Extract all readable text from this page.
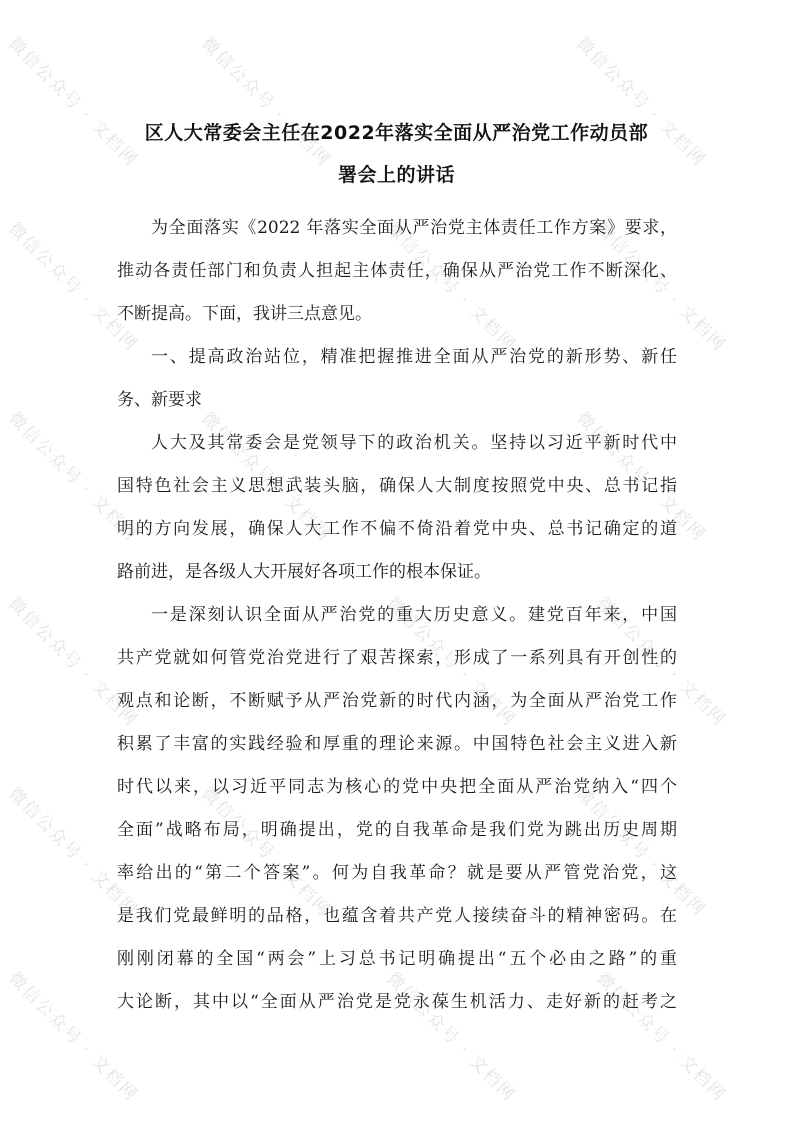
区人大常委会主任在2022年落实全面从严治党工作动员部
署会上的讲话
为全面落实《2022 年落实全面从严治党主体责任工作方案》要求，
推动各责任部门和负责人担起主体责任，确保从严治党工作不断深化、
不断提高。下面，我讲三点意见。
一、提高政治站位，精准把握推进全面从严治党的新形势、新任
务、新要求
人大及其常委会是党领导下的政治机关。坚持以习近平新时代中
国特色社会主义思想武装头脑，确保人大制度按照党中央、总书记指
明的方向发展，确保人大工作不偏不倚沿着党中央、总书记确定的道
路前进，是各级人大开展好各项工作的根本保证。
一是深刻认识全面从严治党的重大历史意义。建党百年来，中国
共产党就如何管党治党进行了艰苦探索，形成了一系列具有开创性的
观点和论断，不断赋予从严治党新的时代内涵，为全面从严治党工作
积累了丰富的实践经验和厚重的理论来源。中国特色社会主义进入新
时代以来，以习近平同志为核心的党中央把全面从严治党纳入“四个
全面”战略布局，明确提出，党的自我革命是我们党为跳出历史周期
率给出的“第二个答案”。何为自我革命？就是要从严管党治党，这
是我们党最鲜明的品格，也蕴含着共产党人接续奋斗的精神密码。在
刚刚闭幕的全国“两会”上习总书记明确提出“五个必由之路”的重
大论断，其中以“全面从严治党是党永葆生机活力、走好新的赶考之
微信公众号 · 文档网	微信公众号 · 文档网	微信公众号 · 文档网
微信公众号 · 文档网	微信公众号 · 文档网	微信公众号 · 文档网
微信公众号 · 文档网	微信公众号 · 文档网	微信公众号 · 文档网
微信公众号 · 文档网	微信公众号 · 文档网	微信公众号 · 文档网
微信公众号 · 文档网	微信公众号 · 文档网	微信公众号 · 文档网
微信公众号 · 文档网	微信公众号 · 文档网	微信公众号 · 文档网
